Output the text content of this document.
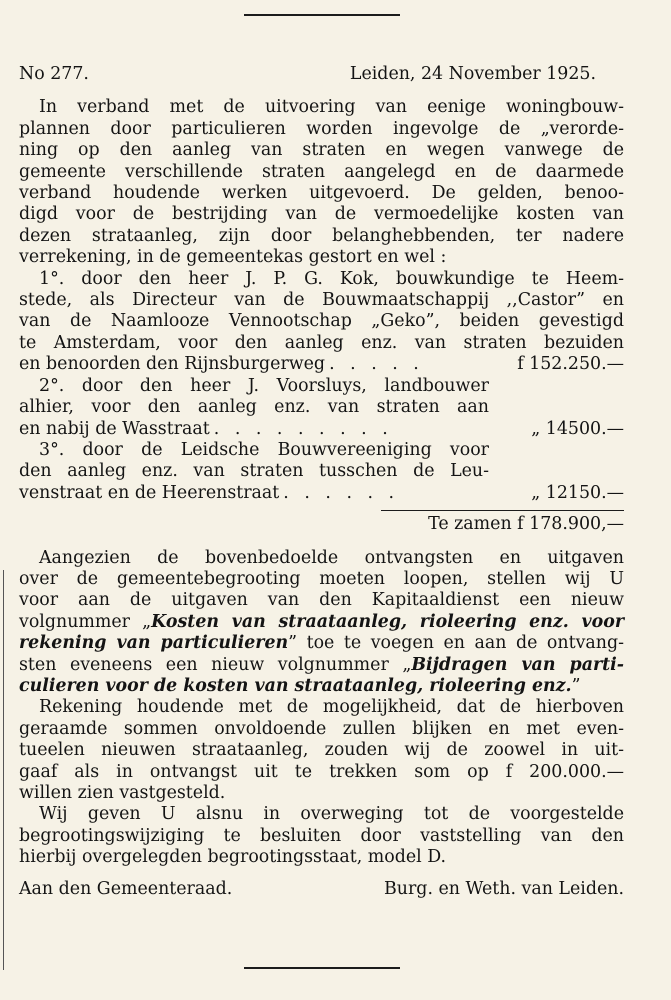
No 277.	Leiden, 24 November 1925.
In verband met de uitvoering van eenige woningbouw-
plannen door particulieren worden ingevolge de „verorde-
ning op den aanleg van straten en wegen vanwege de
gemeente verschillende straten aangelegd en de daarmede
verband houdende werken uitgevoerd. De gelden, benoo-
digd voor de bestrijding van de vermoedelijke kosten van
dezen strataanleg, zijn door belanghebbenden, ter nadere
verrekening, in de gemeentekas gestort en wel :
1°. door den heer J. P. G. Kok, bouwkundige te Heem-
stede, als Directeur van de Bouwmaatschappij ,,Castor” en
van de Naamlooze Vennootschap „Geko”, beiden gevestigd
te Amsterdam, voor den aanleg enz. van straten bezuiden
en benoorden den Rijnsburgerweg . . . . .	f 152.250.—
2°. door den heer J. Voorsluys, landbouwer
alhier, voor den aanleg enz. van straten aan
en nabij de Wasstraat . . . . . . . . .	„ 14500.—
3°. door de Leidsche Bouwvereeniging voor
den aanleg enz. van straten tusschen de Leu-
venstraat en de Heerenstraat . . . . . .	„ 12150.—
Te zamen f 178.900,—
Aangezien de bovenbedoelde ontvangsten en uitgaven
over de gemeentebegrooting moeten loopen, stellen wij U
voor aan de uitgaven van den Kapitaaldienst een nieuw
volgnummer „Kosten van straataanleg, rioleering enz. voor
rekening van particulieren” toe te voegen en aan de ontvang-
sten eveneens een nieuw volgnummer „Bijdragen van parti-
culieren voor de kosten van straataanleg, rioleering enz.”
Rekening houdende met de mogelijkheid, dat de hierboven
geraamde sommen onvoldoende zullen blijken en met even-
tueelen nieuwen straataanleg, zouden wij de zoowel in uit-
gaaf als in ontvangst uit te trekken som op f 200.000.—
willen zien vastgesteld.
Wij geven U alsnu in overweging tot de voorgestelde
begrootingswijziging te besluiten door vaststelling van den
hierbij overgelegden begrootingsstaat, model D.
Aan den Gemeenteraad.	Burg. en Weth. van Leiden.
